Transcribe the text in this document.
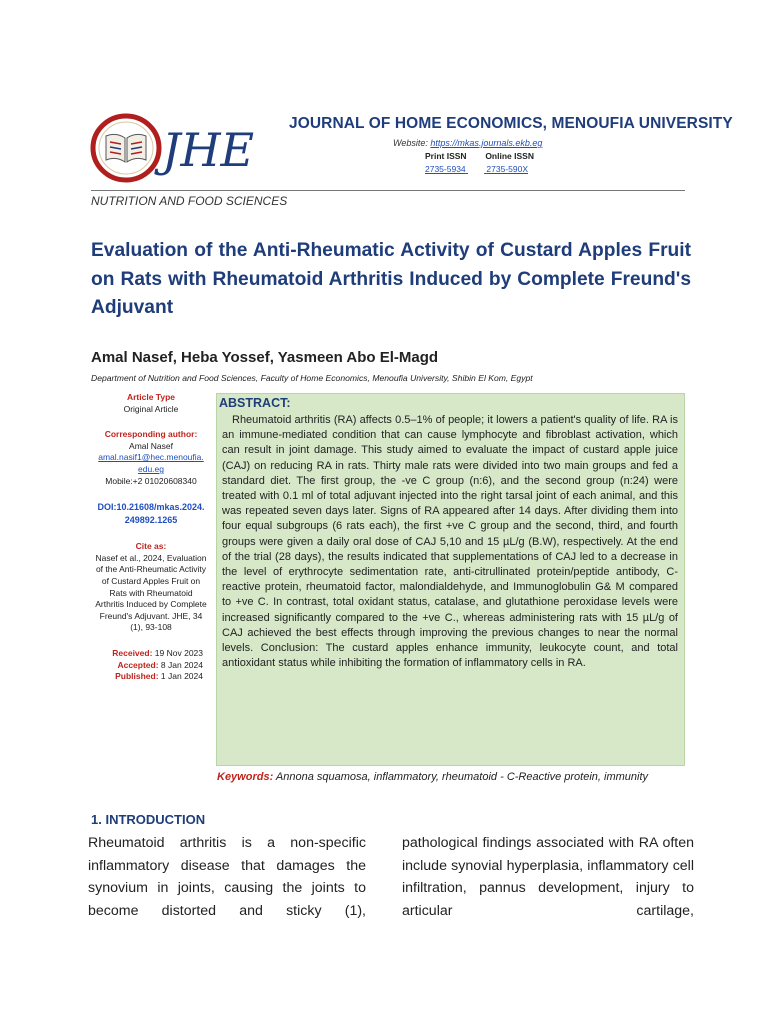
JHE JOURNAL OF HOME ECONOMICS, MENOUFIA UNIVERSITY
Website: https://mkas.journals.ekb.eg
Print ISSN Online ISSN
2735-5934 2735-590X
NUTRITION AND FOOD SCIENCES
Evaluation of the Anti-Rheumatic Activity of Custard Apples Fruit on Rats with Rheumatoid Arthritis Induced by Complete Freund's Adjuvant
Amal Nasef, Heba Yossef, Yasmeen Abo El-Magd
Department of Nutrition and Food Sciences, Faculty of Home Economics, Menoufia University, Shibin El Kom, Egypt
Article Type
Original Article
Corresponding author:
Amal Nasef
amal.nasif1@hec.menoufia.edu.eg
Mobile:+2 01020608340
DOI:10.21608/mkas.2024.249892.1265
Cite as:
Nasef et al., 2024, Evaluation of the Anti-Rheumatic Activity of Custard Apples Fruit on Rats with Rheumatoid Arthritis Induced by Complete Freund's Adjuvant. JHE, 34 (1), 93-108
Received: 19 Nov 2023
Accepted: 8 Jan 2024
Published: 1 Jan 2024
ABSTRACT:
Rheumatoid arthritis (RA) affects 0.5–1% of people; it lowers a patient's quality of life. RA is an immune-mediated condition that can cause lymphocyte and fibroblast activation, which can result in joint damage. This study aimed to evaluate the impact of custard apple juice (CAJ) on reducing RA in rats. Thirty male rats were divided into two main groups and fed a standard diet. The first group, the -ve C group (n:6), and the second group (n:24) were treated with 0.1 ml of total adjuvant injected into the right tarsal joint of each animal, and this was repeated seven days later. Signs of RA appeared after 14 days. After dividing them into four equal subgroups (6 rats each), the first +ve C group and the second, third, and fourth groups were given a daily oral dose of CAJ 5,10 and 15 µL/g (B.W), respectively. At the end of the trial (28 days), the results indicated that supplementations of CAJ led to a decrease in the level of erythrocyte sedimentation rate, anti-citrullinated protein/peptide antibody, C-reactive protein, rheumatoid factor, malondialdehyde, and Immunoglobulin G& M compared to +ve C. In contrast, total oxidant status, catalase, and glutathione peroxidase levels were increased significantly compared to the +ve C., whereas administering rats with 15 µL/g of CAJ achieved the best effects through improving the previous changes to near the normal levels. Conclusion: The custard apples enhance immunity, leukocyte count, and total antioxidant status while inhibiting the formation of inflammatory cells in RA.
Keywords: Annona squamosa, inflammatory, rheumatoid - C-Reactive protein, immunity
1. INTRODUCTION
Rheumatoid arthritis is a non-specific inflammatory disease that damages the synovium in joints, causing the joints to become distorted and sticky (1),
pathological findings associated with RA often include synovial hyperplasia, inflammatory cell infiltration, pannus development, injury to articular cartilage,
